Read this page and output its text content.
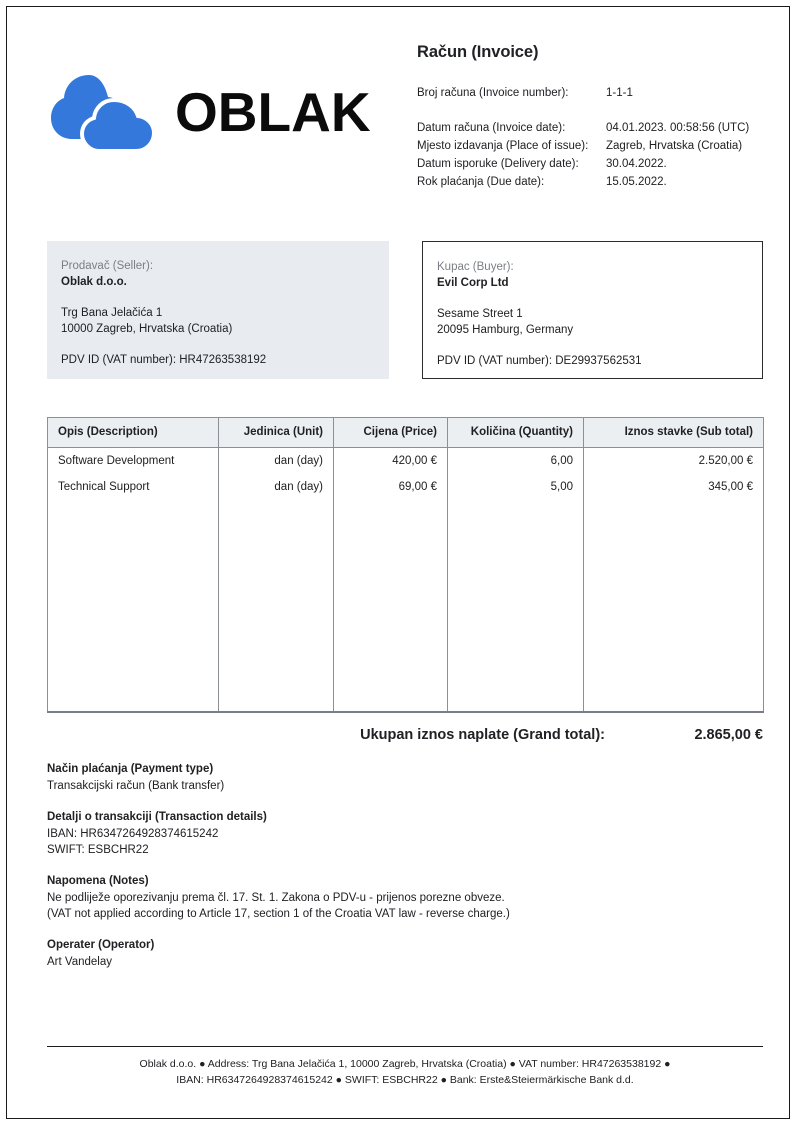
OBLAK
Račun (Invoice)
Broj računa (Invoice number):	1-1-1
Datum računa (Invoice date):	04.01.2023. 00:58:56 (UTC)
Mjesto izdavanja (Place of issue):	Zagreb, Hrvatska (Croatia)
Datum isporuke (Delivery date):	30.04.2022.
Rok plaćanja (Due date):	15.05.2022.
Prodavač (Seller):
Oblak d.o.o.
Trg Bana Jelačića 1
10000 Zagreb, Hrvatska (Croatia)
PDV ID (VAT number): HR47263538192
Kupac (Buyer):
Evil Corp Ltd
Sesame Street 1
20095 Hamburg, Germany
PDV ID (VAT number): DE29937562531
Opis (Description)	Jedinica (Unit)	Cijena (Price)	Količina (Quantity)	Iznos stavke (Sub total)
Software Development	dan (day)	420,00 €	6,00	2.520,00 €
Technical Support	dan (day)	69,00 €	5,00	345,00 €

Ukupan iznos naplate (Grand total):	2.865,00 €
Način plaćanja (Payment type)
Transakcijski račun (Bank transfer)
Detalji o transakciji (Transaction details)
IBAN: HR6347264928374615242
SWIFT: ESBCHR22
Napomena (Notes)
Ne podliježe oporezivanju prema čl. 17. St. 1. Zakona o PDV-u - prijenos porezne obveze.
(VAT not applied according to Article 17, section 1 of the Croatia VAT law - reverse charge.)
Operater (Operator)
Art Vandelay
Oblak d.o.o. ● Address: Trg Bana Jelačića 1, 10000 Zagreb, Hrvatska (Croatia) ● VAT number: HR47263538192 ●
IBAN: HR6347264928374615242 ● SWIFT: ESBCHR22 ● Bank: Erste&Steiermärkische Bank d.d.
